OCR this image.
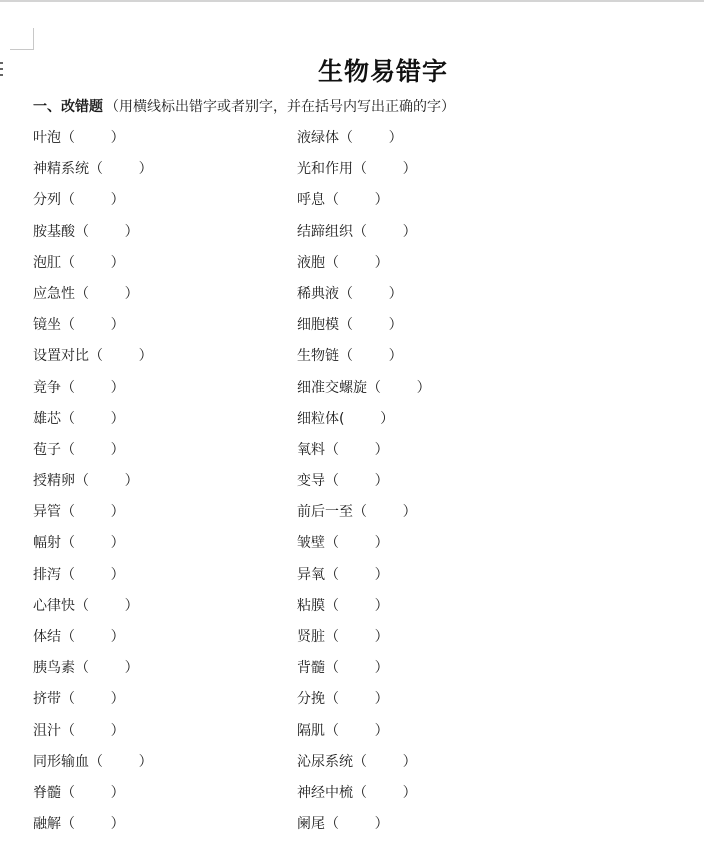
生物易错字
一、改错题 （用横线标出错字或者别字，并在括号内写出正确的字）
叶泡（        ）
神精系统（        ）
分列（        ）
胺基酸（        ）
泡肛（        ）
应急性（        ）
镜坐（        ）
设置对比（        ）
竟争（        ）
雄芯（        ）
苞子（        ）
授精卵（        ）
异管（        ）
幅射（        ）
排泻（        ）
心律快（        ）
体结（        ）
胰鸟素（        ）
挤带（        ）
沮汁（        ）
同形输血（        ）
脊髓（        ）
融解（        ）
液绿体（        ）
光和作用（        ）
呼息（        ）
结蹄组织（        ）
液胞（        ）
稀典液（        ）
细胞模（        ）
生物链（        ）
细准交螺旋（        ）
细粒体(        ）
氧料（        ）
变导（        ）
前后一至（        ）
皱壁（        ）
异氧（        ）
粘膜（        ）
贤脏（        ）
背髓（        ）
分挽（        ）
隔肌（        ）
沁尿系统（        ）
神经中梳（        ）
阑尾（        ）
